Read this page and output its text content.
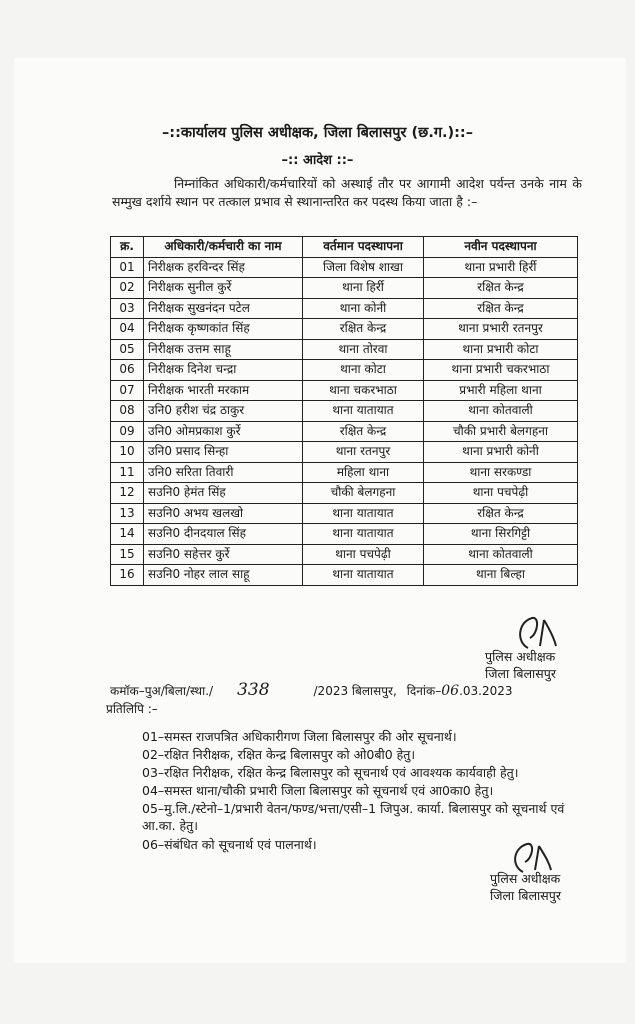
–::कार्यालय पुलिस अधीक्षक, जिला बिलासपुर (छ.ग.)::–
–:: आदेश ::–
निम्नांकित अधिकारी/कर्मचारियों को अस्थाई तौर पर आगामी आदेश पर्यन्त उनके नाम के सम्मुख दर्शाये स्थान पर तत्काल प्रभाव से स्थानान्तरित कर पदस्थ किया जाता है :–
क्र.	अधिकारी/कर्मचारी का नाम	वर्तमान पदस्थापना	नवीन पदस्थापना
01	निरीक्षक हरविन्दर सिंह	जिला विशेष शाखा	थाना प्रभारी हिर्री
02	निरीक्षक सुनील कुर्रे	थाना हिर्री	रक्षित केन्द्र
03	निरीक्षक सुखनंदन पटेल	थाना कोनी	रक्षित केन्द्र
04	निरीक्षक कृष्णकांत सिंह	रक्षित केन्द्र	थाना प्रभारी रतनपुर
05	निरीक्षक उत्तम साहू	थाना तोरवा	थाना प्रभारी कोटा
06	निरीक्षक दिनेश चन्द्रा	थाना कोटा	थाना प्रभारी चकरभाठा
07	निरीक्षक भारती मरकाम	थाना चकरभाठा	प्रभारी महिला थाना
08	उनि0 हरीश चंद्र ठाकुर	थाना यातायात	थाना कोतवाली
09	उनि0 ओमप्रकाश कुर्रे	रक्षित केन्द्र	चौकी प्रभारी बेलगहना
10	उनि0 प्रसाद सिन्हा	थाना रतनपुर	थाना प्रभारी कोनी
11	उनि0 सरिता तिवारी	महिला थाना	थाना सरकण्डा
12	सउनि0 हेमंत सिंह	चौकी बेलगहना	थाना पचपेढ़ी
13	सउनि0 अभय खलखो	थाना यातायात	रक्षित केन्द्र
14	सउनि0 दीनदयाल सिंह	थाना यातायात	थाना सिरगिट्टी
15	सउनि0 सहेत्तर कुर्रे	थाना पचपेढ़ी	थाना कोतवाली
16	सउनि0 नोहर लाल साहू	थाना यातायात	थाना बिल्हा
पुलिस अधीक्षक
जिला बिलासपुर
कमॉक–पुअ/बिला/स्था./ 338	/2023 बिलासपुर, दिनांक–06.03.2023
प्रतिलिपि :–
01–समस्त राजपत्रित अधिकारीगण जिला बिलासपुर की ओर सूचनार्थ।
02–रक्षित निरीक्षक, रक्षित केन्द्र बिलासपुर को ओ0बी0 हेतु।
03–रक्षित निरीक्षक, रक्षित केन्द्र बिलासपुर को सूचनार्थ एवं आवश्यक कार्यवाही हेतु।
04–समस्त थाना/चौकी प्रभारी जिला बिलासपुर को सूचनार्थ एवं आ0का0 हेतु।
05–मु.लि./स्टेनो–1/प्रभारी वेतन/फण्ड/भत्ता/एसी–1 जिपुअ. कार्या. बिलासपुर को सूचनार्थ एवं आ.का. हेतु।
06–संबंधित को सूचनार्थ एवं पालनार्थ।
पुलिस अधीक्षक
जिला बिलासपुर
